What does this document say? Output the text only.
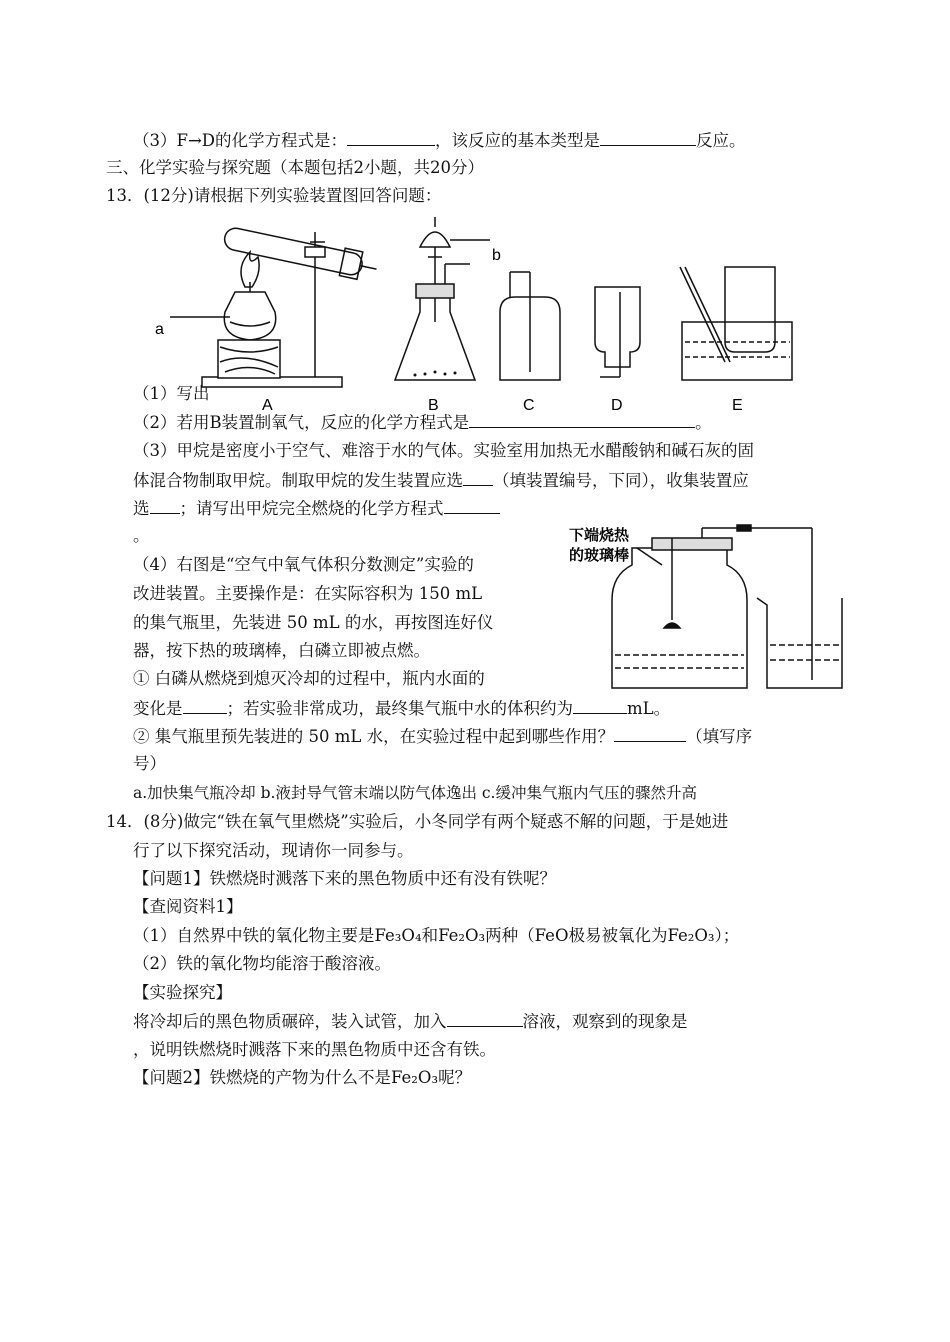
（3）F→D的化学方程式是：	，该反应的基本类型是	反应。
三、化学实验与探究题（本题包括2小题，共20分）
13．(12分)请根据下列实验装置图回答问题：
a
b
A	B	C	D	E
（1）写出
（2）若用B装置制氧气，反应的化学方程式是	。
（3）甲烷是密度小于空气、难溶于水的气体。实验室用加热无水醋酸钠和碱石灰的固
体混合物制取甲烷。制取甲烷的发生装置应选 （填装置编号，下同），收集装置应
选 ；请写出甲烷完全燃烧的化学方程式
。
（4）右图是“空气中氧气体积分数测定”实验的
改进装置。主要操作是：在实际容积为 150 mL
的集气瓶里，先装进 50 mL 的水，再按图连好仪
器，按下热的玻璃棒，白磷立即被点燃。
① 白磷从燃烧到熄灭冷却的过程中，瓶内水面的
下端烧热
的玻璃棒
变化是	；若实验非常成功，最终集气瓶中水的体积约为	mL。
② 集气瓶里预先装进的 50 mL 水，在实验过程中起到哪些作用？	（填写序
号）
a.加快集气瓶冷却 b.液封导气管末端以防气体逸出 c.缓冲集气瓶内气压的骤然升高
14．(8分)做完“铁在氧气里燃烧”实验后，小冬同学有两个疑惑不解的问题，于是她进
行了以下探究活动，现请你一同参与。
【问题1】铁燃烧时溅落下来的黑色物质中还有没有铁呢？
【查阅资料1】
（1）自然界中铁的氧化物主要是Fe₃O₄和Fe₂O₃两种（FeO极易被氧化为Fe₂O₃）；
（2）铁的氧化物均能溶于酸溶液。
【实验探究】
将冷却后的黑色物质碾碎，装入试管，加入	溶液，观察到的现象是
，说明铁燃烧时溅落下来的黑色物质中还含有铁。
【问题2】铁燃烧的产物为什么不是Fe₂O₃呢？
